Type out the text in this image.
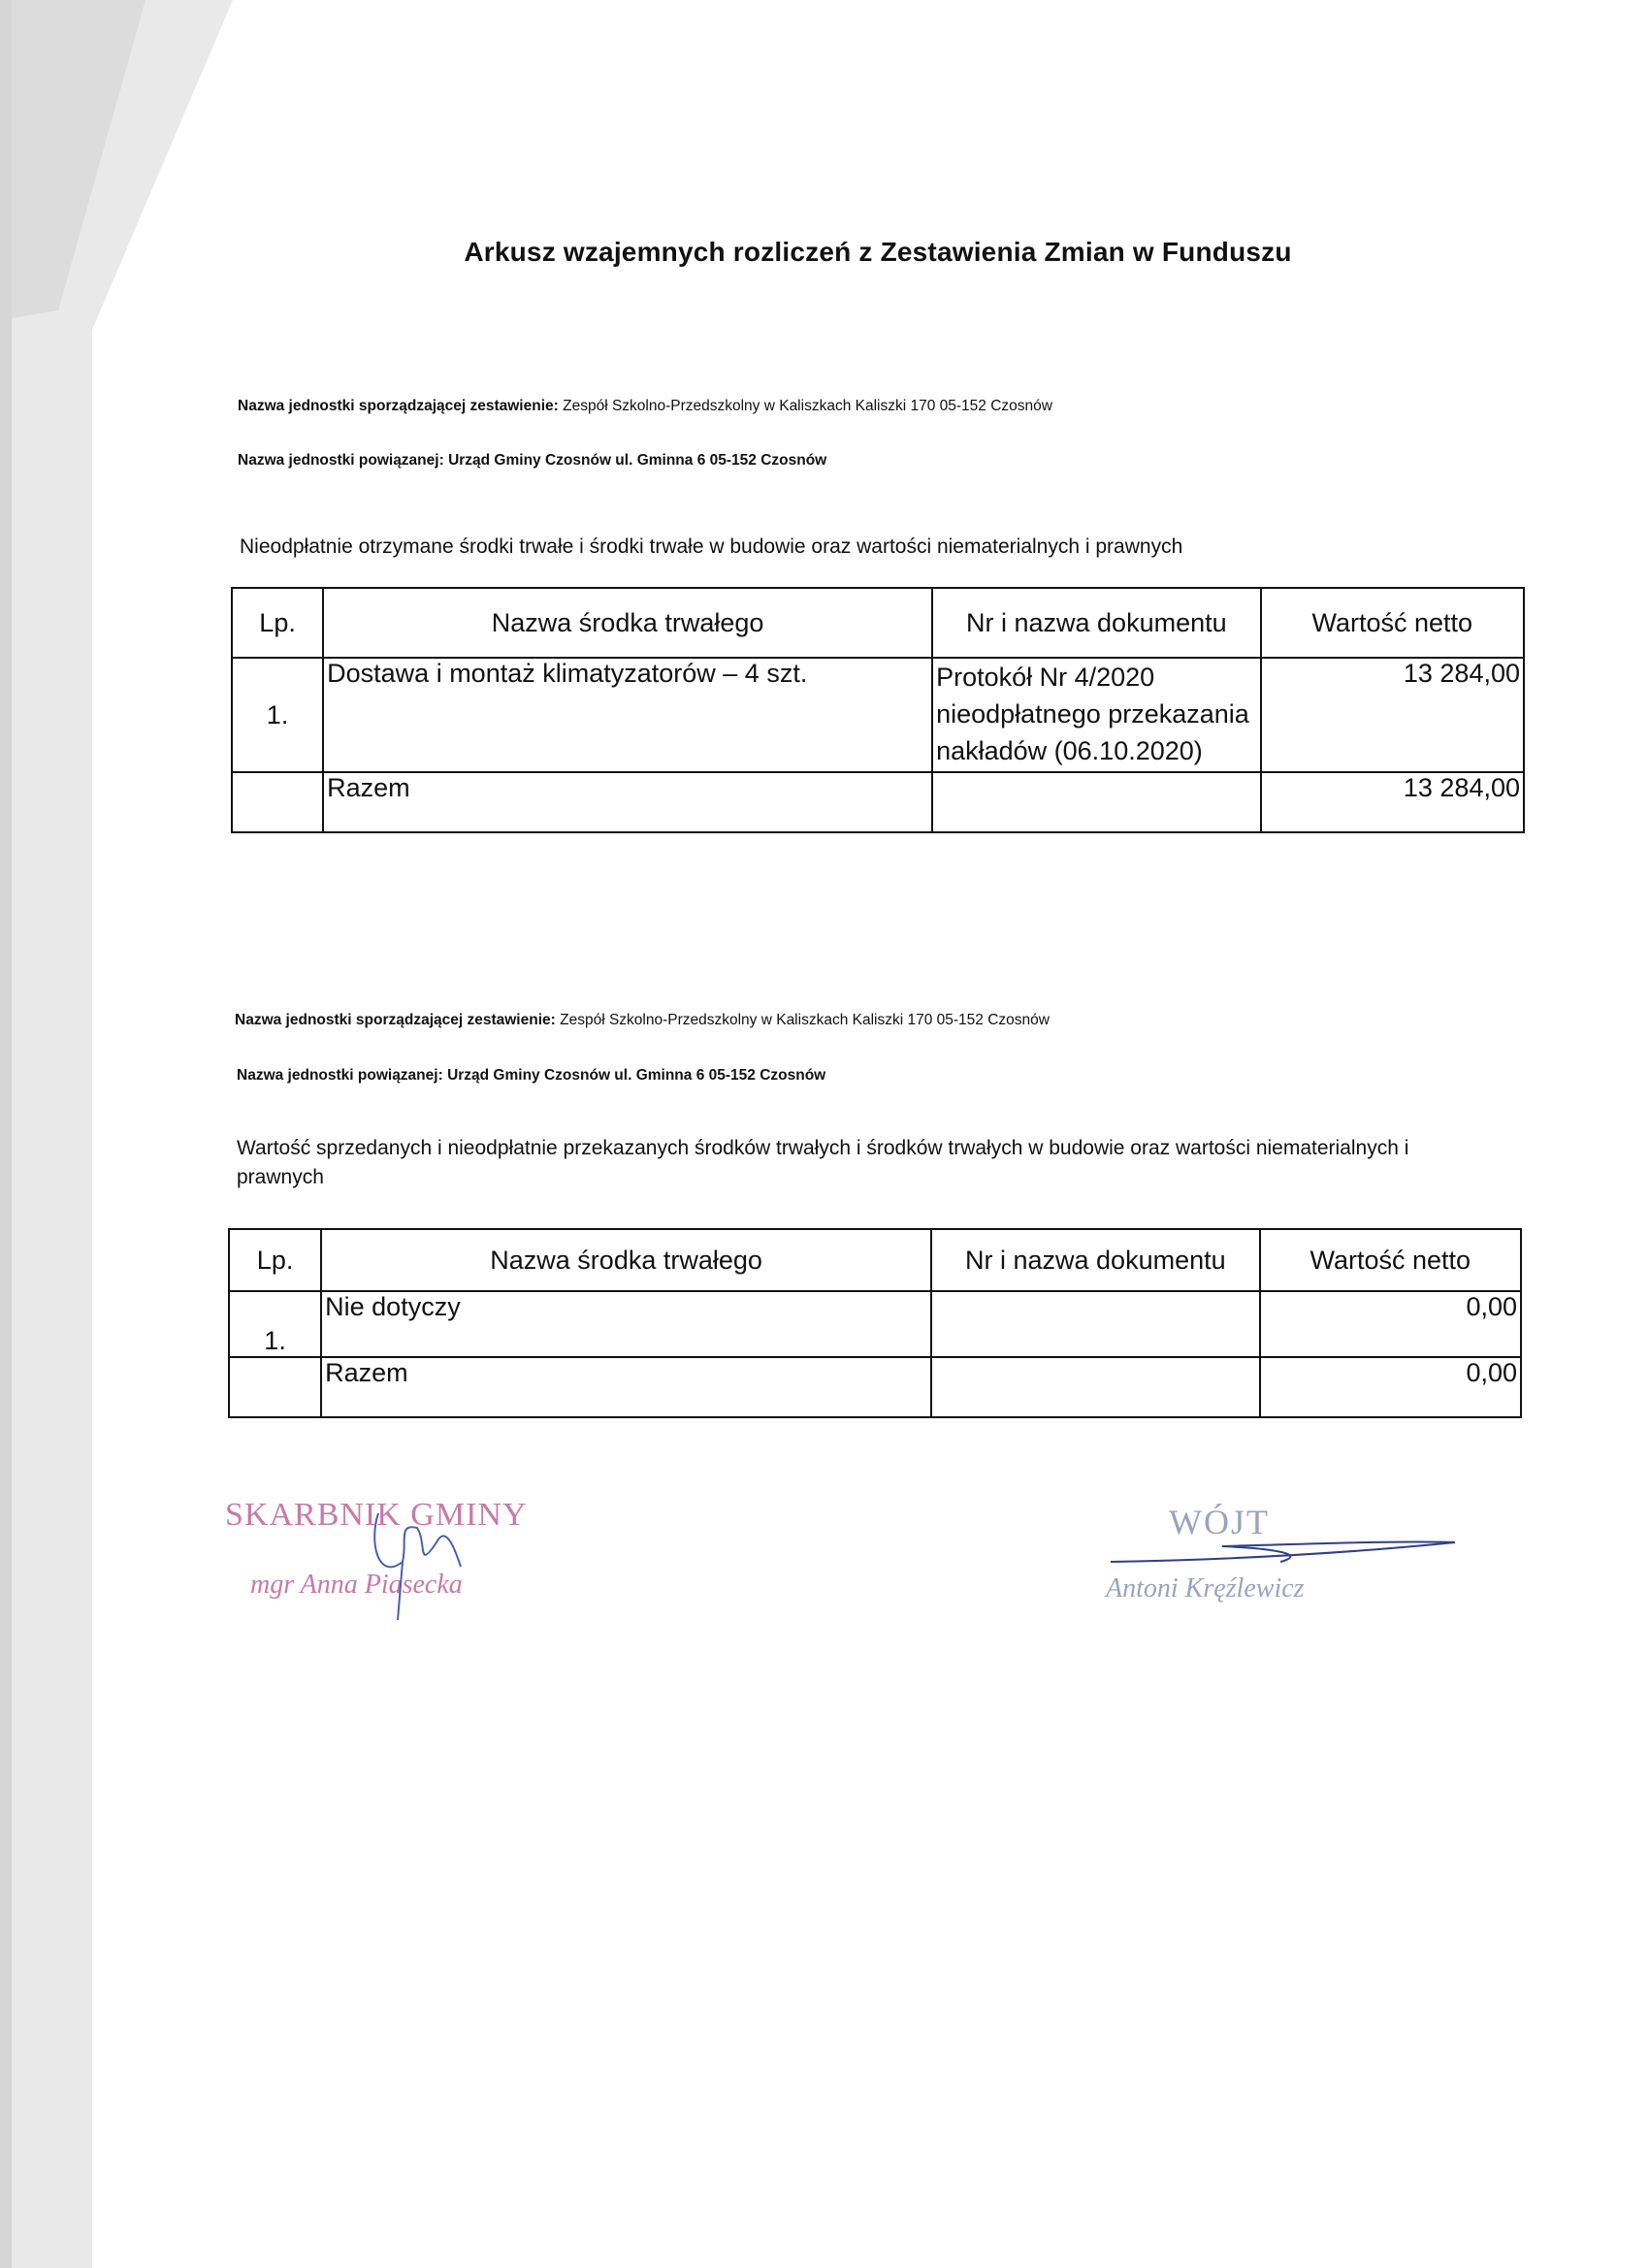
Arkusz wzajemnych rozliczeń z Zestawienia Zmian w Funduszu
Nazwa jednostki sporządzającej zestawienie: Zespół Szkolno-Przedszkolny w Kaliszkach Kaliszki 170 05-152 Czosnów
Nazwa jednostki powiązanej: Urząd Gminy Czosnów ul. Gminna 6 05-152 Czosnów
Nieodpłatnie otrzymane środki trwałe i środki trwałe w budowie oraz wartości niematerialnych i prawnych
Lp.	Nazwa środka trwałego	Nr i nazwa dokumentu	Wartość netto
1.	Dostawa i montaż klimatyzatorów – 4 szt.	Protokół Nr 4/2020
nieodpłatnego przekazania
nakładów (06.10.2020)	13 284,00
	Razem		13 284,00
Nazwa jednostki sporządzającej zestawienie: Zespół Szkolno-Przedszkolny w Kaliszkach Kaliszki 170 05-152 Czosnów
Nazwa jednostki powiązanej: Urząd Gminy Czosnów ul. Gminna 6 05-152 Czosnów
Wartość sprzedanych i nieodpłatnie przekazanych środków trwałych i środków trwałych w budowie oraz wartości niematerialnych i prawnych
Lp.	Nazwa środka trwałego	Nr i nazwa dokumentu	Wartość netto
1.	Nie dotyczy		0,00
	Razem		0,00
SKARBNIK GMINY
mgr Anna Piasecka
WÓJT
Antoni Kręźlewicz
